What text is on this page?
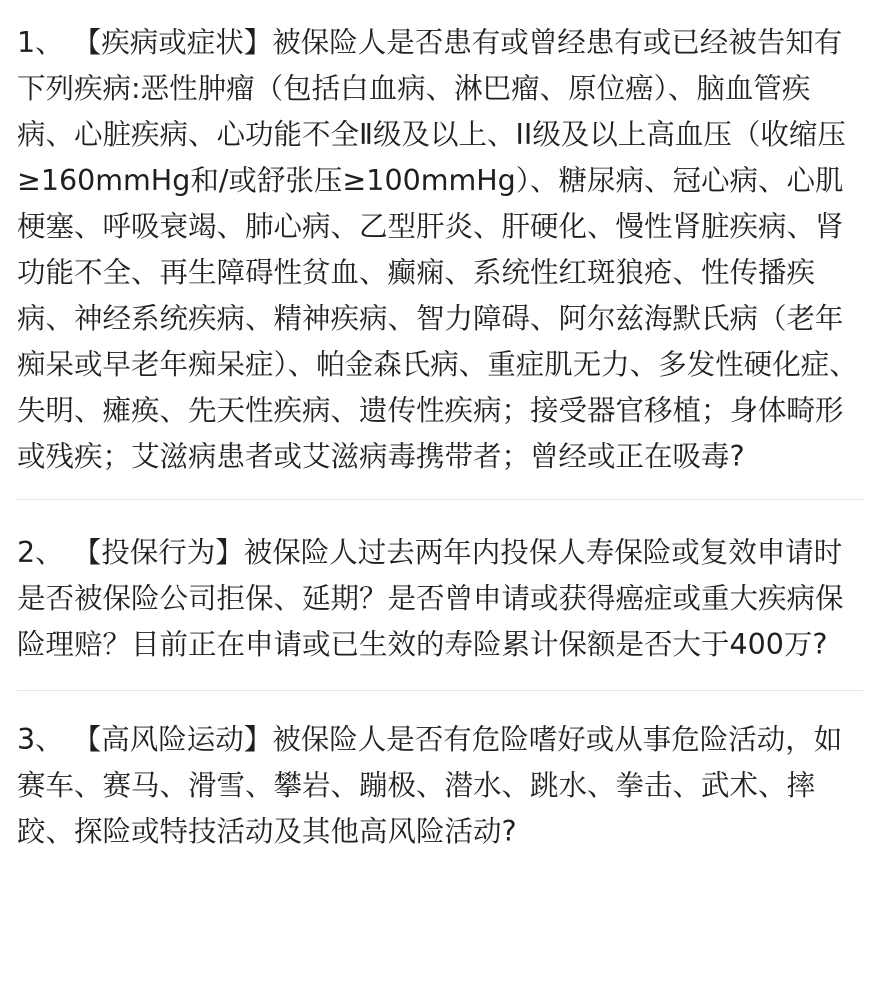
1、 【疾病或症状】被保险人是否患有或曾经患有或已经被告知有下列疾病:恶性肿瘤（包括白血病、淋巴瘤、原位癌）、脑血管疾病、心脏疾病、心功能不全Ⅱ级及以上、II级及以上高血压（收缩压≥160mmHg和/或舒张压≥100mmHg）、糖尿病、冠心病、心肌梗塞、呼吸衰竭、肺心病、乙型肝炎、肝硬化、慢性肾脏疾病、肾功能不全、再生障碍性贫血、癫痫、系统性红斑狼疮、性传播疾病、神经系统疾病、精神疾病、智力障碍、阿尔兹海默氏病（老年痴呆或早老年痴呆症）、帕金森氏病、重症肌无力、多发性硬化症、失明、瘫痪、先天性疾病、遗传性疾病；接受器官移植；身体畸形或残疾；艾滋病患者或艾滋病毒携带者；曾经或正在吸毒?

2、 【投保行为】被保险人过去两年内投保人寿保险或复效申请时是否被保险公司拒保、延期？是否曾申请或获得癌症或重大疾病保险理赔？目前正在申请或已生效的寿险累计保额是否大于400万?

3、 【高风险运动】被保险人是否有危险嗜好或从事危险活动，如赛车、赛马、滑雪、攀岩、蹦极、潜水、跳水、拳击、武术、摔跤、探险或特技活动及其他高风险活动?
